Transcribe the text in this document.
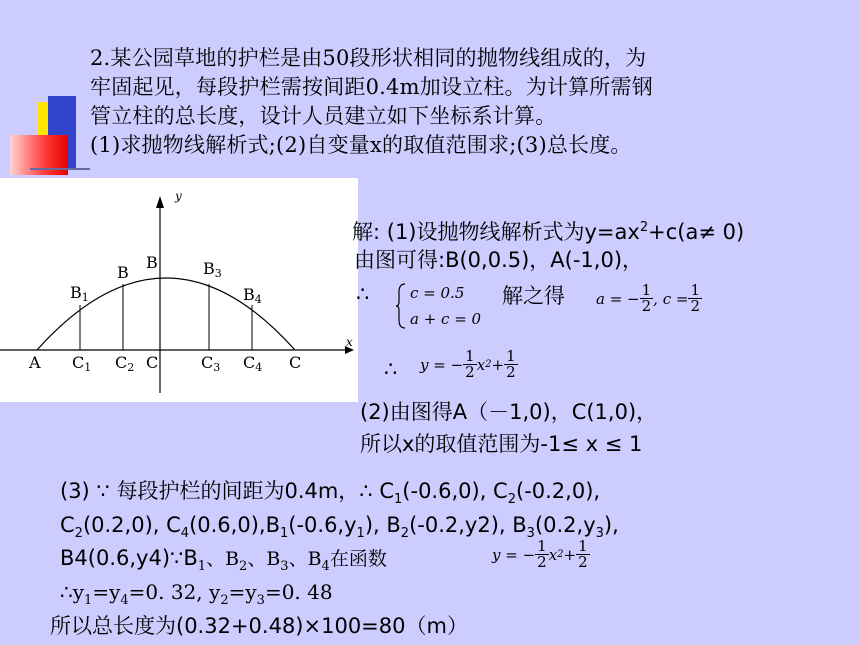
2.某公园草地的护栏是由50段形状相同的抛物线组成的，为
牢固起见，每段护栏需按间距0.4m加设立柱。为计算所需钢
管立柱的总长度，设计人员建立如下坐标系计算。
(1)求抛物线解析式;(2)自变量x的取值范围求;(3)总长度。
y
x
A C1 C2 C	C3 C4 C
B1
B
B	B3
B4
解: (1)设抛物线解析式为$y=ax^2+c(a\ne 0)$
由图可得:B(0,0.5)，A(-1,0)，
∴	c = 0.5
a + c = 0
解之得 a = − $\frac{1}{2}$ , $c = \frac{1}{2}$
∴ y = − $\frac{1}{2}$ x $2 + \frac{1}{2}$
(2)由图得A（－1,0)，C(1,0)，
所以x的取值范围为-1≤ x ≤ 1
(3) ∵ 每段护栏的间距为0.4m，∴ $C_1(-0.6,0)$, $C_2(-0.2,0)$,
$C_2(0.2,0)$, $C_4(0.6,0),B_1(-0.6,y_1)$, $B_2(-0.2,y2)$, $B_3(0.2,y_3)$,
$B4(0.6,y4)\because B_1$、$B_2$、$B_3$、$B_4$在函数	y = − $\frac{1}{2}$ x $2 + \frac{1}{2}$
$\therefore y_1=y_4=0$. 32, $y_2=y_3=0$. 48
所以总长度为(0.32+0.48)×100=80（m）
